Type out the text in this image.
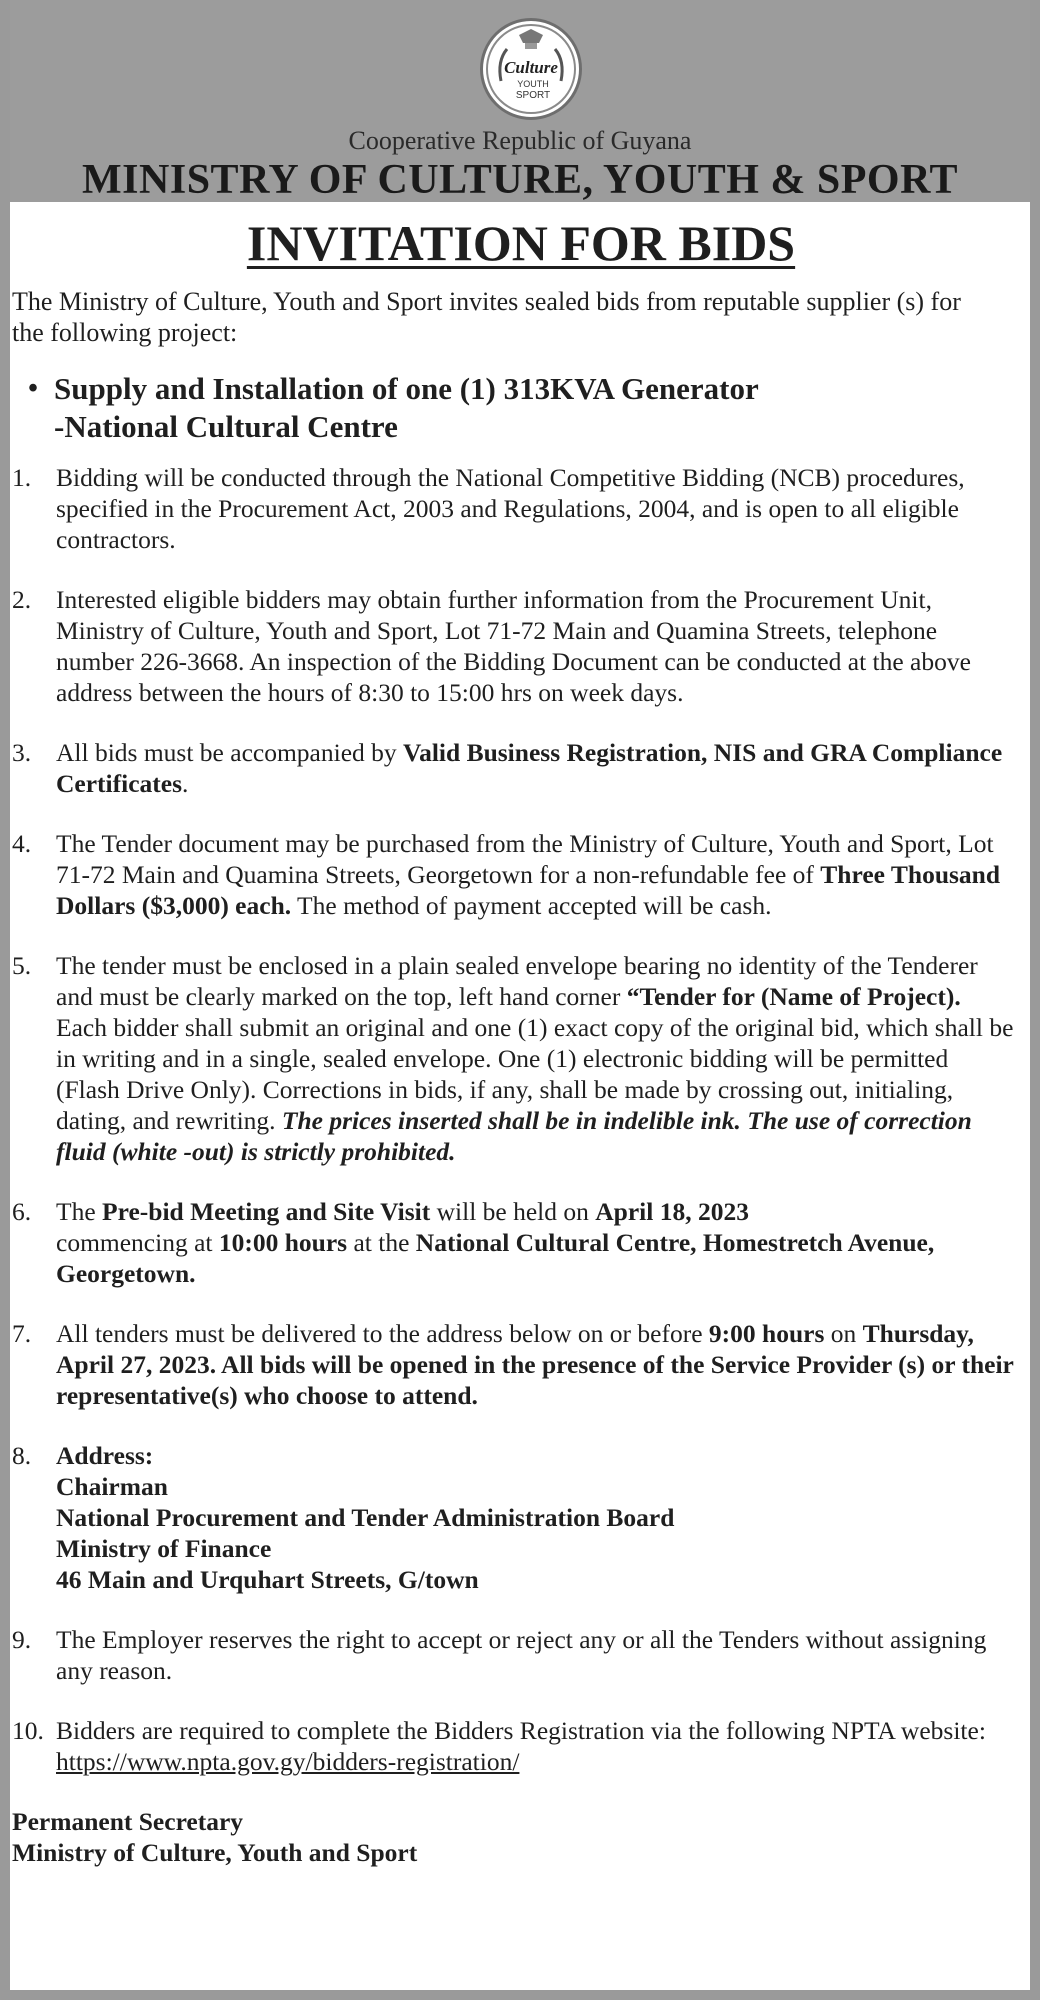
Culture
YOUTH
SPORT
Cooperative Republic of Guyana
MINISTRY OF CULTURE, YOUTH & SPORT
INVITATION FOR BIDS
The Ministry of Culture, Youth and Sport invites sealed bids from reputable supplier (s) for the following project:
• Supply and Installation of one (1) 313KVA Generator
-National Cultural Centre
1. Bidding will be conducted through the National Competitive Bidding (NCB) procedures, specified in the Procurement Act, 2003 and Regulations, 2004, and is open to all eligible contractors.
2. Interested eligible bidders may obtain further information from the Procurement Unit, Ministry of Culture, Youth and Sport, Lot 71-72 Main and Quamina Streets, telephone number 226-3668. An inspection of the Bidding Document can be conducted at the above address between the hours of 8:30 to 15:00 hrs on week days.
3. All bids must be accompanied by Valid Business Registration, NIS and GRA Compliance Certificates.
4. The Tender document may be purchased from the Ministry of Culture, Youth and Sport, Lot 71-72 Main and Quamina Streets, Georgetown for a non-refundable fee of Three Thousand Dollars ($3,000) each. The method of payment accepted will be cash.
5. The tender must be enclosed in a plain sealed envelope bearing no identity of the Tenderer and must be clearly marked on the top, left hand corner “Tender for (Name of Project). Each bidder shall submit an original and one (1) exact copy of the original bid, which shall be in writing and in a single, sealed envelope. One (1) electronic bidding will be permitted (Flash Drive Only). Corrections in bids, if any, shall be made by crossing out, initialing, dating, and rewriting. The prices inserted shall be in indelible ink. The use of correction fluid (white -out) is strictly prohibited.
6. The Pre-bid Meeting and Site Visit will be held on April 18, 2023
commencing at 10:00 hours at the National Cultural Centre, Homestretch Avenue, Georgetown.
7. All tenders must be delivered to the address below on or before 9:00 hours on Thursday, April 27, 2023. All bids will be opened in the presence of the Service Provider (s) or their representative(s) who choose to attend.
8. Address:
Chairman
National Procurement and Tender Administration Board
Ministry of Finance
46 Main and Urquhart Streets, G/town
9. The Employer reserves the right to accept or reject any or all the Tenders without assigning any reason.
10. Bidders are required to complete the Bidders Registration via the following NPTA website: https://www.npta.gov.gy/bidders-registration/
Permanent Secretary
Ministry of Culture, Youth and Sport
